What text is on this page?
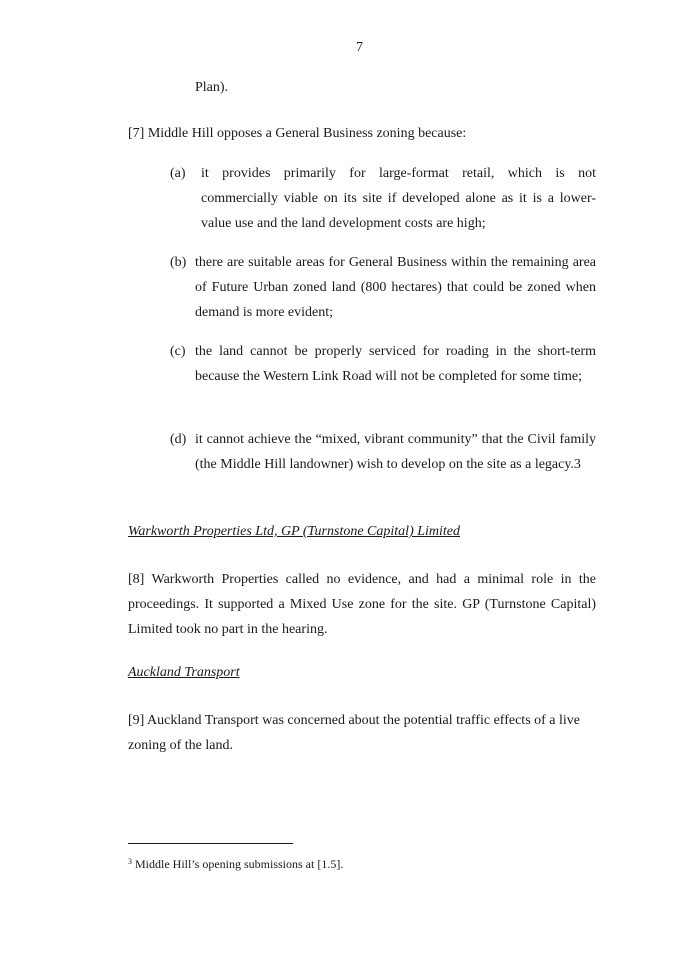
7
Plan).
[7] Middle Hill opposes a General Business zoning because:
(a) it provides primarily for large-format retail, which is not commercially viable on its site if developed alone as it is a lower-value use and the land development costs are high;
(b) there are suitable areas for General Business within the remaining area of Future Urban zoned land (800 hectares) that could be zoned when demand is more evident;
(c) the land cannot be properly serviced for roading in the short-term because the Western Link Road will not be completed for some time;
(d) it cannot achieve the “mixed, vibrant community” that the Civil family (the Middle Hill landowner) wish to develop on the site as a legacy.3
Warkworth Properties Ltd, GP (Turnstone Capital) Limited
[8] Warkworth Properties called no evidence, and had a minimal role in the proceedings. It supported a Mixed Use zone for the site. GP (Turnstone Capital) Limited took no part in the hearing.
Auckland Transport
[9] Auckland Transport was concerned about the potential traffic effects of a live zoning of the land.
$^3$ Middle Hill’s opening submissions at [1.5].
